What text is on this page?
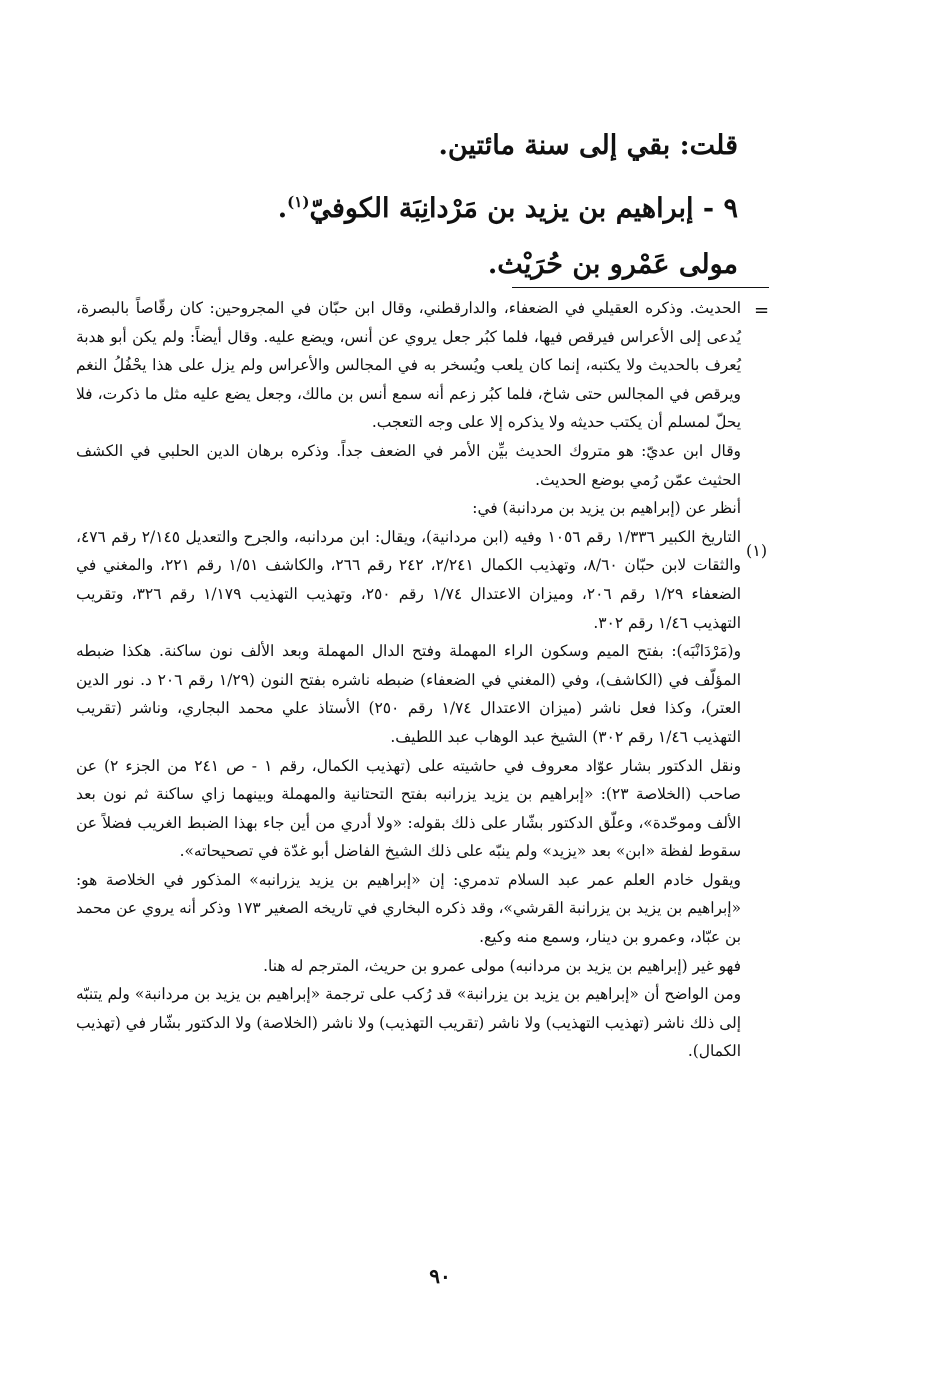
قلت: بقي إلى سنة مائتين.
٩ - إبراهيم بن يزيد بن مَرْدانِبَة الكوفيّ$^{(١)}$.
مولى عَمْرو بن حُرَيْث.
=
(١)

الحديث. وذكره العقيلي في الضعفاء، والدارقطني، وقال ابن حبّان في المجروحين: كان رقّاصاً بالبصرة، يُدعى إلى الأعراس فيرقص فيها، فلما كبُر جعل يروي عن أنس، ويضع عليه. وقال أيضاً: ولم يكن أبو هدبة يُعرف بالحديث ولا يكتبه، إنما كان يلعب ويُسخر به في المجالس والأعراس ولم يزل على هذا يحْفُلُ النغم ويرقص في المجالس حتى شاخ، فلما كبُر زعم أنه سمع أنس بن مالك، وجعل يضع عليه مثل ما ذكرت، فلا يحلّ لمسلم أن يكتب حديثه ولا يذكره إلا على وجه التعجب.

وقال ابن عديّ: هو متروك الحديث بيِّن الأمر في الضعف جداً. وذكره برهان الدين الحلبي في الكشف الحثيث عمّن رُمي بوضع الحديث.

أنظر عن (إبراهيم بن يزيد بن مردانبة) في:

التاريخ الكبير ١/٣٣٦ رقم ١٠٥٦ وفيه (ابن مردانية)، ويقال: ابن مردانبه، والجرح والتعديل ٢/١٤٥ رقم ٤٧٦، والثقات لابن حبّان ٨/٦٠، وتهذيب الكمال ٢/٢٤١، ٢٤٢ رقم ٢٦٦، والكاشف ١/٥١ رقم ٢٢١، والمغني في الضعفاء ١/٢٩ رقم ٢٠٦، وميزان الاعتدال ١/٧٤ رقم ٢٥٠، وتهذيب التهذيب ١/١٧٩ رقم ٣٢٦، وتقريب التهذيب ١/٤٦ رقم ٣٠٢.

و(مَرْدَانْبَه): بفتح الميم وسكون الراء المهملة وفتح الدال المهملة وبعد الألف نون ساكنة. هكذا ضبطه المؤلّف في (الكاشف)، وفي (المغني في الضعفاء) ضبطه ناشره بفتح النون (١/٢٩ رقم ٢٠٦ د. نور الدين العتر)، وكذا فعل ناشر (ميزان الاعتدال ١/٧٤ رقم ٢٥٠) الأستاذ علي محمد البجاري، وناشر (تقريب التهذيب ١/٤٦ رقم ٣٠٢) الشيخ عبد الوهاب عبد اللطيف.

ونقل الدكتور بشار عوّاد معروف في حاشيته على (تهذيب الكمال، رقم ١ - ص ٢٤١ من الجزء ٢) عن صاحب (الخلاصة ٢٣): «إبراهيم بن يزيد يزرانبه بفتح التحتانية والمهملة وبينهما زاي ساكنة ثم نون بعد الألف وموحّدة»، وعلّق الدكتور بشّار على ذلك بقوله: «ولا أدري من أين جاء بهذا الضبط الغريب فضلاً عن سقوط لفظة «ابن» بعد «يزيد» ولم ينبّه على ذلك الشيخ الفاضل أبو غدّة في تصحيحاته».

ويقول خادم العلم عمر عبد السلام تدمري: إن «إبراهيم بن يزيد يزرانبه» المذكور في الخلاصة هو: «إبراهيم بن يزيد بن يزرانبة القرشي»، وقد ذكره البخاري في تاريخه الصغير ١٧٣ وذكر أنه يروي عن محمد بن عبّاد، وعمرو بن دينار، وسمع منه وكيع.

فهو غير (إبراهيم بن يزيد بن مردانبه) مولى عمرو بن حريث، المترجم له هنا.

ومن الواضح أن «إبراهيم بن يزيد بن يزرانبة» قد رُكب على ترجمة «إبراهيم بن يزيد بن مردانبة» ولم يتنبّه إلى ذلك ناشر (تهذيب التهذيب) ولا ناشر (تقريب التهذيب) ولا ناشر (الخلاصة) ولا الدكتور بشّار في (تهذيب الكمال).

٩٠
